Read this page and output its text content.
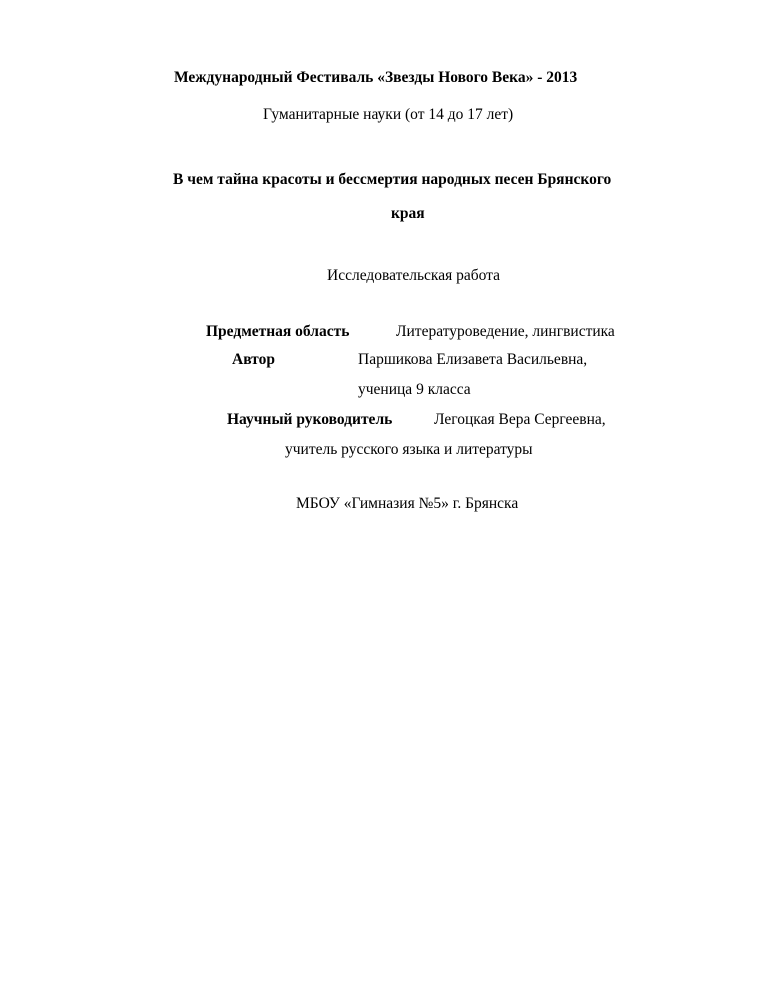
Международный Фестиваль «Звезды Нового Века» - 2013
Гуманитарные науки (от 14 до 17 лет)
В чем тайна красоты и бессмертия народных песен Брянского
края
Исследовательская работа
Предметная область	Литературоведение, лингвистика
Автор	Паршикова Елизавета Васильевна,
ученица 9 класса
Научный руководитель	Легоцкая Вера Сергеевна,
учитель русского языка и литературы
МБОУ «Гимназия №5» г. Брянска
